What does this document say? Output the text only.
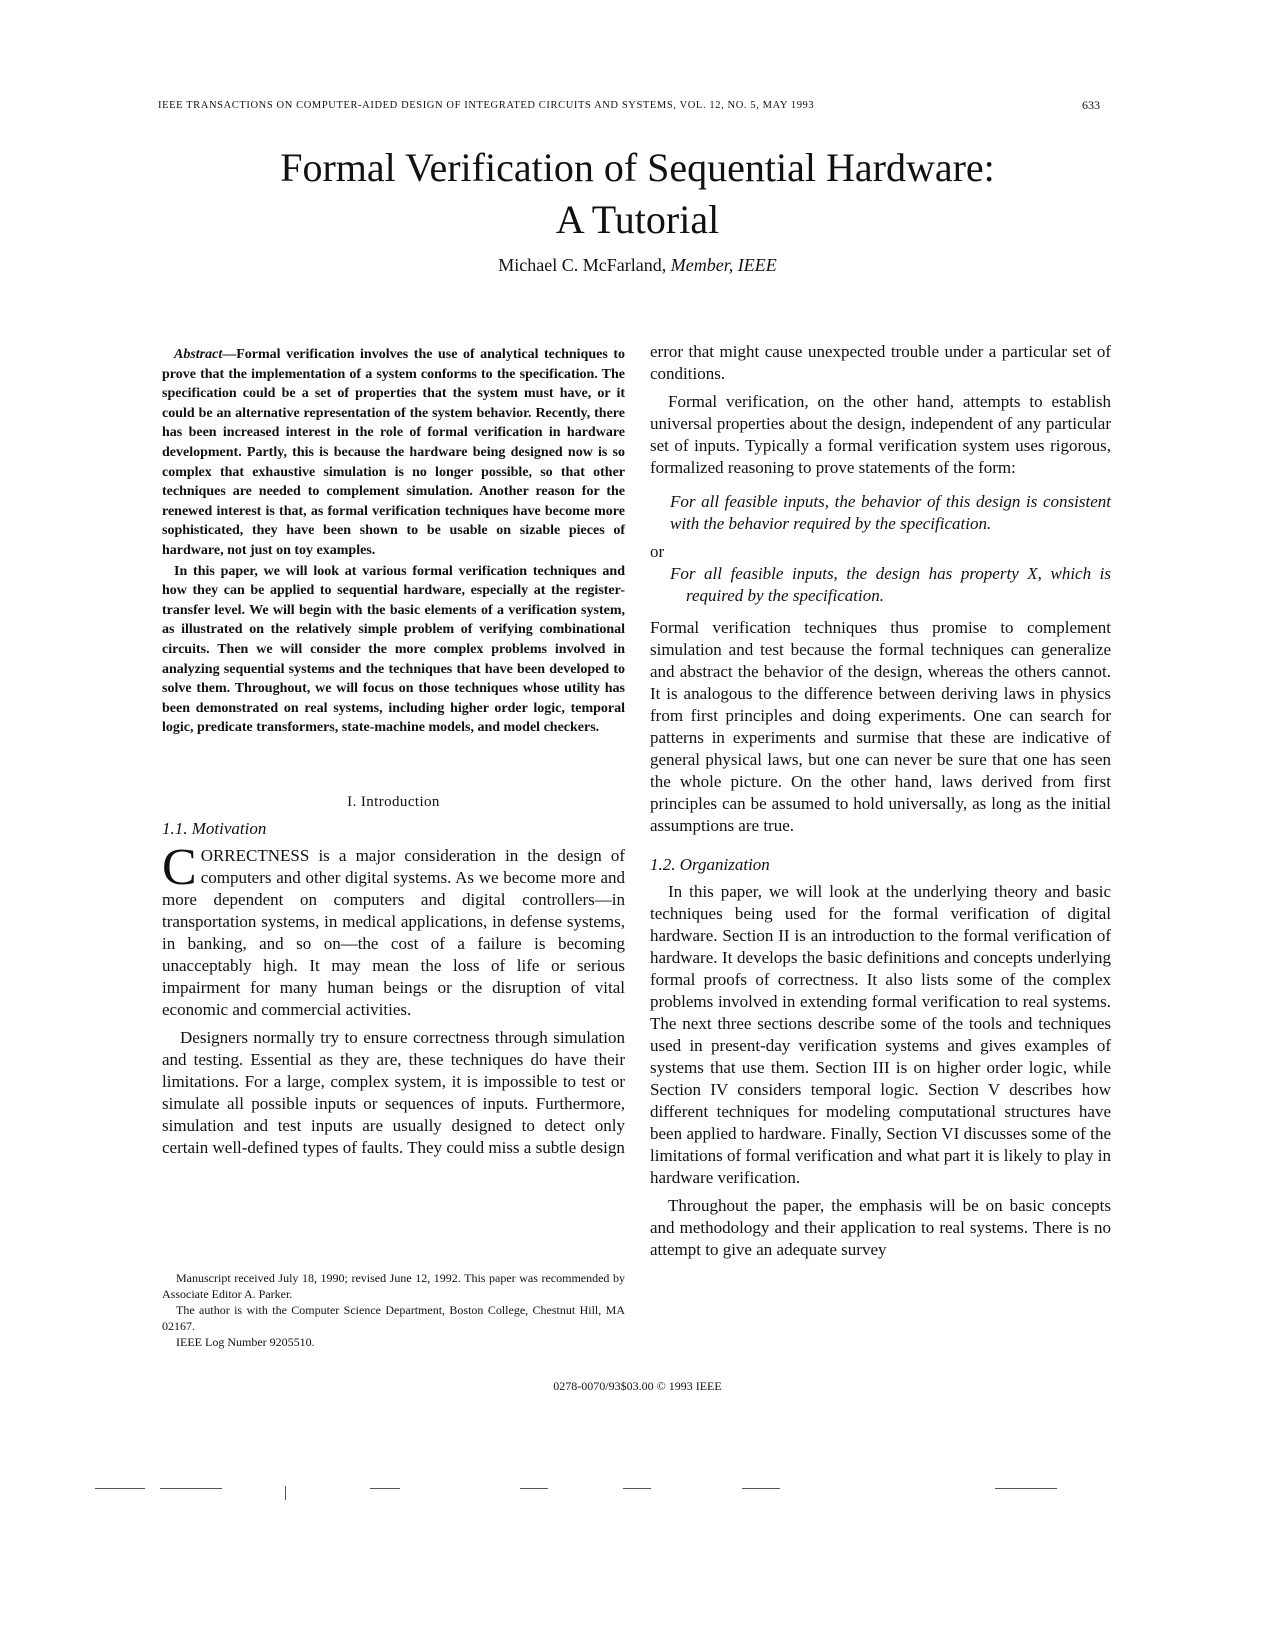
IEEE TRANSACTIONS ON COMPUTER-AIDED DESIGN OF INTEGRATED CIRCUITS AND SYSTEMS, VOL. 12, NO. 5, MAY 1993	633
Formal Verification of Sequential Hardware:
A Tutorial
Michael C. McFarland, Member, IEEE

Abstract—Formal verification involves the use of analytical techniques to prove that the implementation of a system conforms to the specification. The specification could be a set of properties that the system must have, or it could be an alternative representation of the system behavior. Recently, there has been increased interest in the role of formal verification in hardware development. Partly, this is because the hardware being designed now is so complex that exhaustive simulation is no longer possible, so that other techniques are needed to complement simulation. Another reason for the renewed interest is that, as formal verification techniques have become more sophisticated, they have been shown to be usable on sizable pieces of hardware, not just on toy examples.

In this paper, we will look at various formal verification techniques and how they can be applied to sequential hardware, especially at the register-transfer level. We will begin with the basic elements of a verification system, as illustrated on the relatively simple problem of verifying combinational circuits. Then we will consider the more complex problems involved in analyzing sequential systems and the techniques that have been developed to solve them. Throughout, we will focus on those techniques whose utility has been demonstrated on real systems, including higher order logic, temporal logic, predicate transformers, state-machine models, and model checkers.

I. Introduction
1.1. Motivation

CORRECTNESS is a major consideration in the design of computers and other digital systems. As we become more and more dependent on computers and digital controllers—in transportation systems, in medical applications, in defense systems, in banking, and so on—the cost of a failure is becoming unacceptably high. It may mean the loss of life or serious impairment for many human beings or the disruption of vital economic and commercial activities.

Designers normally try to ensure correctness through simulation and testing. Essential as they are, these techniques do have their limitations. For a large, complex system, it is impossible to test or simulate all possible inputs or sequences of inputs. Furthermore, simulation and test inputs are usually designed to detect only certain well-defined types of faults. They could miss a subtle design

Manuscript received July 18, 1990; revised June 12, 1992. This paper was recommended by Associate Editor A. Parker.

The author is with the Computer Science Department, Boston College, Chestnut Hill, MA 02167.

IEEE Log Number 9205510.

error that might cause unexpected trouble under a particular set of conditions.

Formal verification, on the other hand, attempts to establish universal properties about the design, independent of any particular set of inputs. Typically a formal verification system uses rigorous, formalized reasoning to prove statements of the form:

For all feasible inputs, the behavior of this design is consistent with the behavior required by the specification.
or
For all feasible inputs, the design has property X, which is required by the specification.

Formal verification techniques thus promise to complement simulation and test because the formal techniques can generalize and abstract the behavior of the design, whereas the others cannot. It is analogous to the difference between deriving laws in physics from first principles and doing experiments. One can search for patterns in experiments and surmise that these are indicative of general physical laws, but one can never be sure that one has seen the whole picture. On the other hand, laws derived from first principles can be assumed to hold universally, as long as the initial assumptions are true.

1.2. Organization

In this paper, we will look at the underlying theory and basic techniques being used for the formal verification of digital hardware. Section II is an introduction to the formal verification of hardware. It develops the basic definitions and concepts underlying formal proofs of correctness. It also lists some of the complex problems involved in extending formal verification to real systems. The next three sections describe some of the tools and techniques used in present-day verification systems and gives examples of systems that use them. Section III is on higher order logic, while Section IV considers temporal logic. Section V describes how different techniques for modeling computational structures have been applied to hardware. Finally, Section VI discusses some of the limitations of formal verification and what part it is likely to play in hardware verification.

Throughout the paper, the emphasis will be on basic concepts and methodology and their application to real systems. There is no attempt to give an adequate survey

0278-0070/93$03.00 © 1993 IEEE
